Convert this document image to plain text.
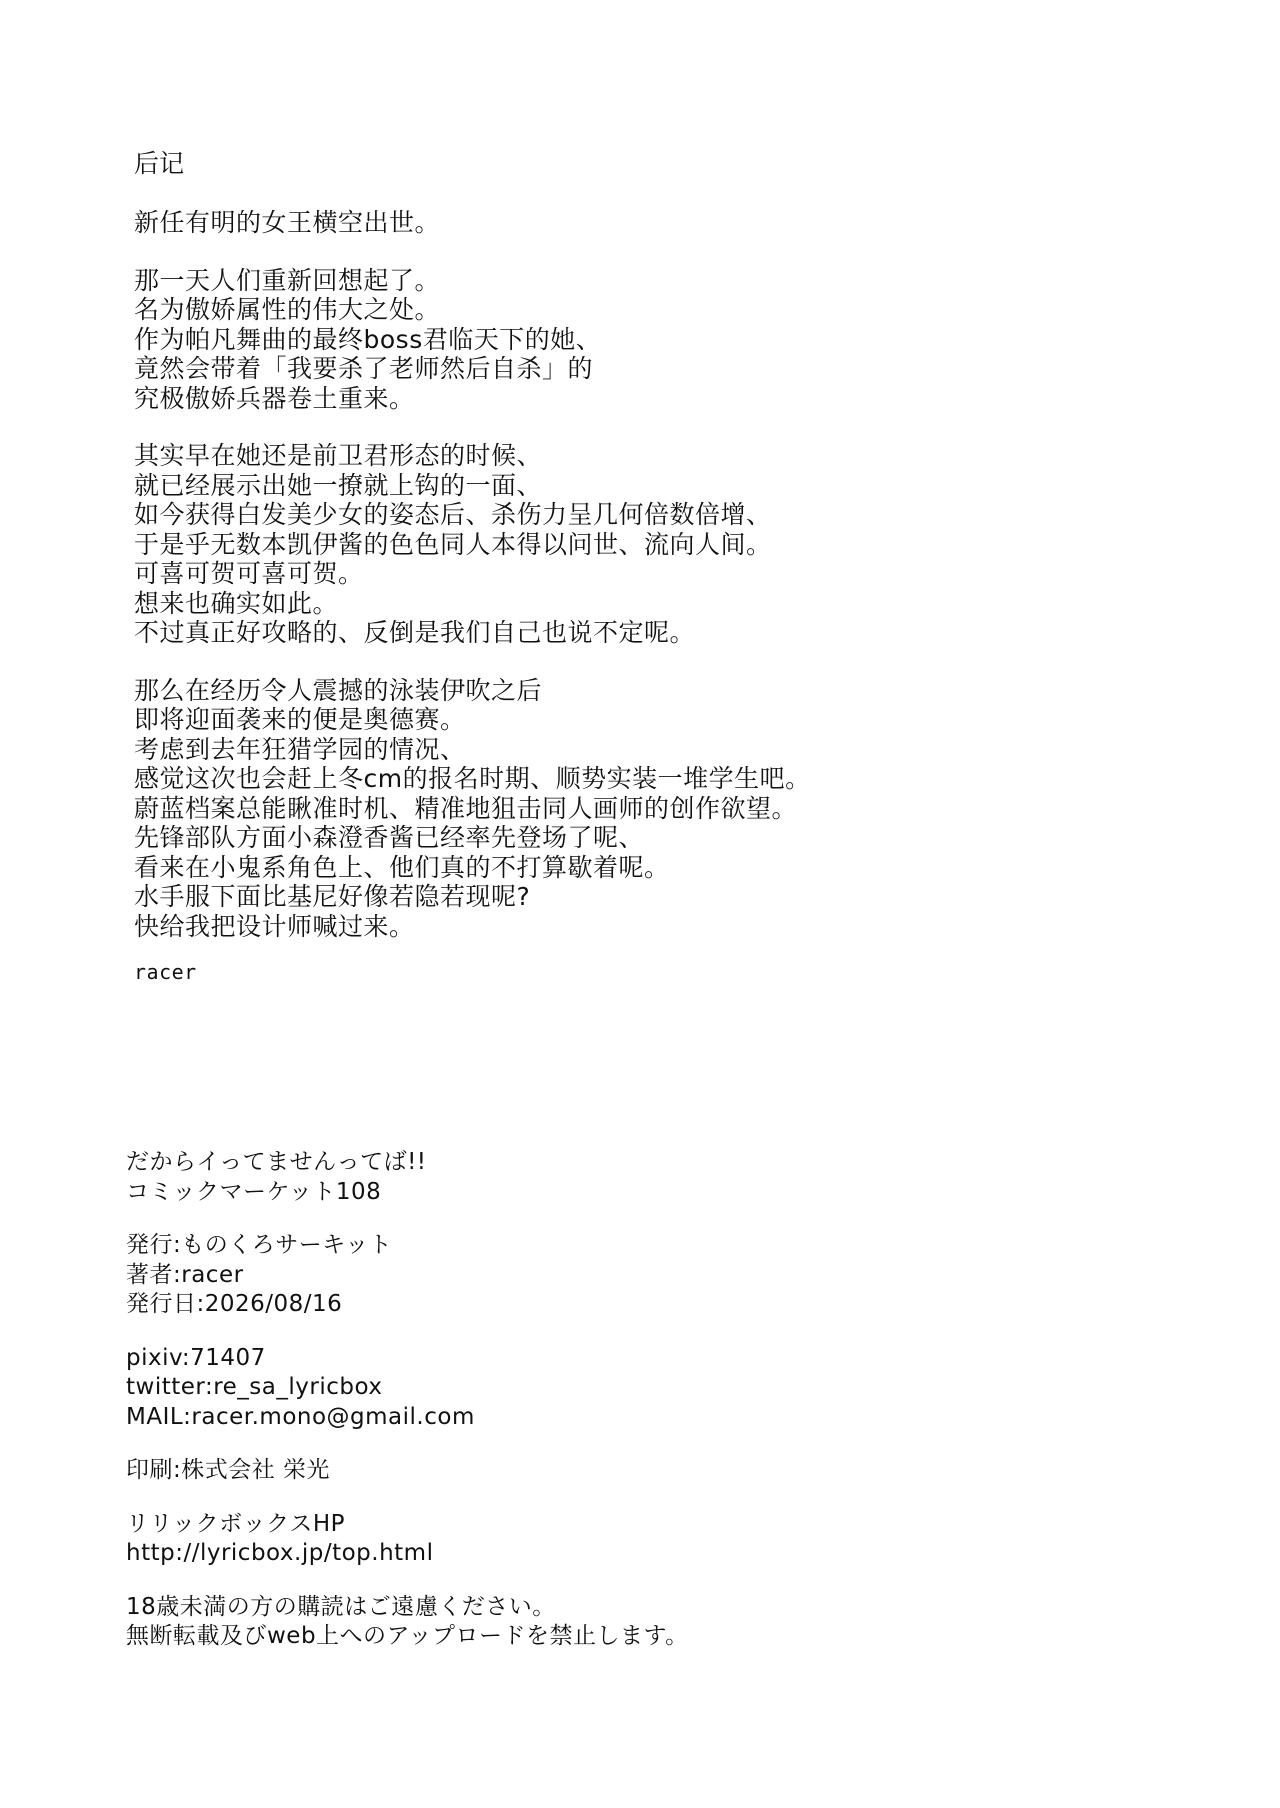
后记
新任有明的女王横空出世。
那一天人们重新回想起了。
名为傲娇属性的伟大之处。
作为帕凡舞曲的最终boss君临天下的她、
竟然会带着「我要杀了老师然后自杀」的
究极傲娇兵器卷土重来。
其实早在她还是前卫君形态的时候、
就已经展示出她一撩就上钩的一面、
如今获得白发美少女的姿态后、杀伤力呈几何倍数倍增、
于是乎无数本凯伊酱的色色同人本得以问世、流向人间。
可喜可贺可喜可贺。
想来也确实如此。
不过真正好攻略的、反倒是我们自己也说不定呢。
那么在经历令人震撼的泳装伊吹之后
即将迎面袭来的便是奥德赛。
考虑到去年狂猎学园的情况、
感觉这次也会赶上冬cm的报名时期、顺势实装一堆学生吧。
蔚蓝档案总能瞅准时机、精准地狙击同人画师的创作欲望。
先锋部队方面小森澄香酱已经率先登场了呢、
看来在小鬼系角色上、他们真的不打算歇着呢。
水手服下面比基尼好像若隐若现呢?
快给我把设计师喊过来。
racer
だからイってませんってば!!
コミックマーケット108
発行:ものくろサーキット
著者:racer
発行日:2026/08/16
pixiv:71407
twitter:re_sa_lyricbox
MAIL:racer.mono@gmail.com
印刷:株式会社 栄光
リリックボックスHP
http://lyricbox.jp/top.html
18歳未満の方の購読はご遠慮ください。
無断転載及びweb上へのアップロードを禁止します。
